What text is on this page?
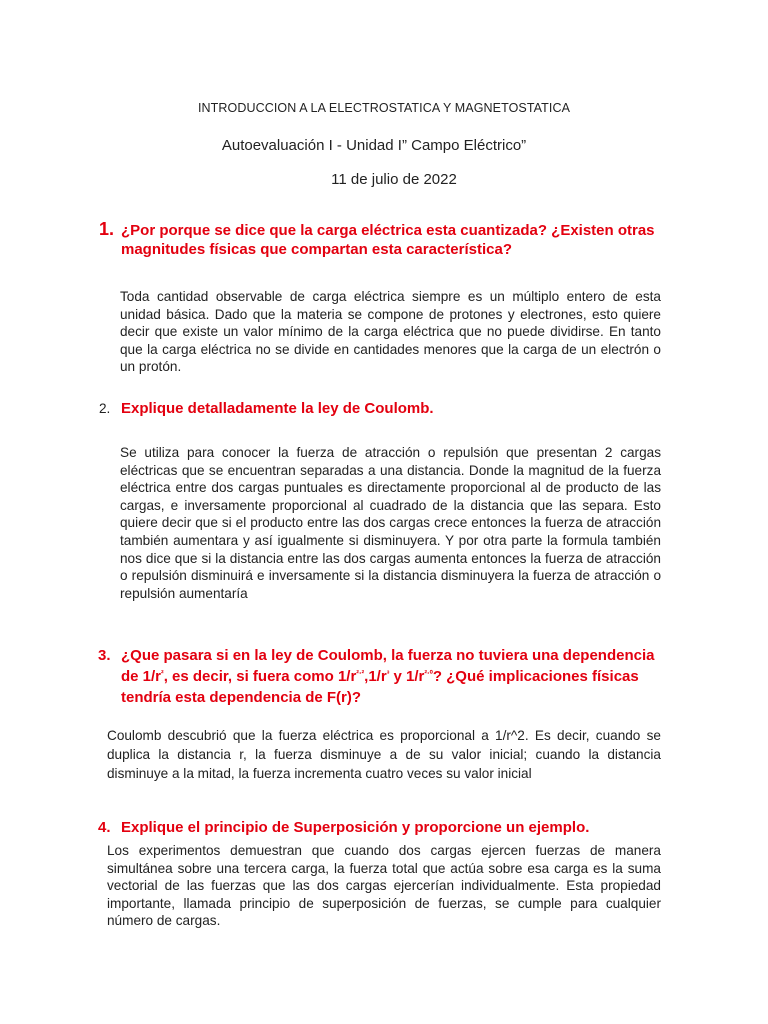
INTRODUCCION A LA ELECTROSTATICA Y MAGNETOSTATICA
Autoevaluación I - Unidad I” Campo Eléctrico”
11 de julio de 2022
1. ¿Por porque se dice que la carga eléctrica esta cuantizada? ¿Existen otras magnitudes físicas que compartan esta característica?

Toda cantidad observable de carga eléctrica siempre es un múltiplo entero de esta unidad básica. Dado que la materia se compone de protones y electrones, esto quiere decir que existe un valor mínimo de la carga eléctrica que no puede dividirse. En tanto que la carga eléctrica no se divide en cantidades menores que la carga de un electrón o un protón.

2. Explique detalladamente la ley de Coulomb.

Se utiliza para conocer la fuerza de atracción o repulsión que presentan 2 cargas eléctricas que se encuentran separadas a una distancia. Donde la magnitud de la fuerza eléctrica entre dos cargas puntuales es directamente proporcional al de producto de las cargas, e inversamente proporcional al cuadrado de la distancia que las separa. Esto quiere decir que si el producto entre las dos cargas crece entonces la fuerza de atracción también aumentara y así igualmente si disminuyera. Y por otra parte la formula también nos dice que si la distancia entre las dos cargas aumenta entonces la fuerza de atracción o repulsión disminuirá e inversamente si la distancia disminuyera la fuerza de atracción o repulsión aumentaría

3. ¿Que pasara si en la ley de Coulomb, la fuerza no tuviera una dependencia
de $1/r^{^2}$, es decir, si fuera como $1/r^{^2\cdot^2},1/r^{^3}$ y $1/r^{^2\cdot^0}$? ¿Qué implicaciones físicas
tendría esta dependencia de F(r)?

Coulomb descubrió que la fuerza eléctrica es proporcional a 1/r^2. Es decir, cuando se duplica la distancia r, la fuerza disminuye a de su valor inicial; cuando la distancia disminuye a la mitad, la fuerza incrementa cuatro veces su valor inicial

4. Explique el principio de Superposición y proporcione un ejemplo.

Los experimentos demuestran que cuando dos cargas ejercen fuerzas de manera simultánea sobre una tercera carga, la fuerza total que actúa sobre esa carga es la suma vectorial de las fuerzas que las dos cargas ejercerían individualmente. Esta propiedad importante, llamada principio de superposición de fuerzas, se cumple para cualquier número de cargas.
